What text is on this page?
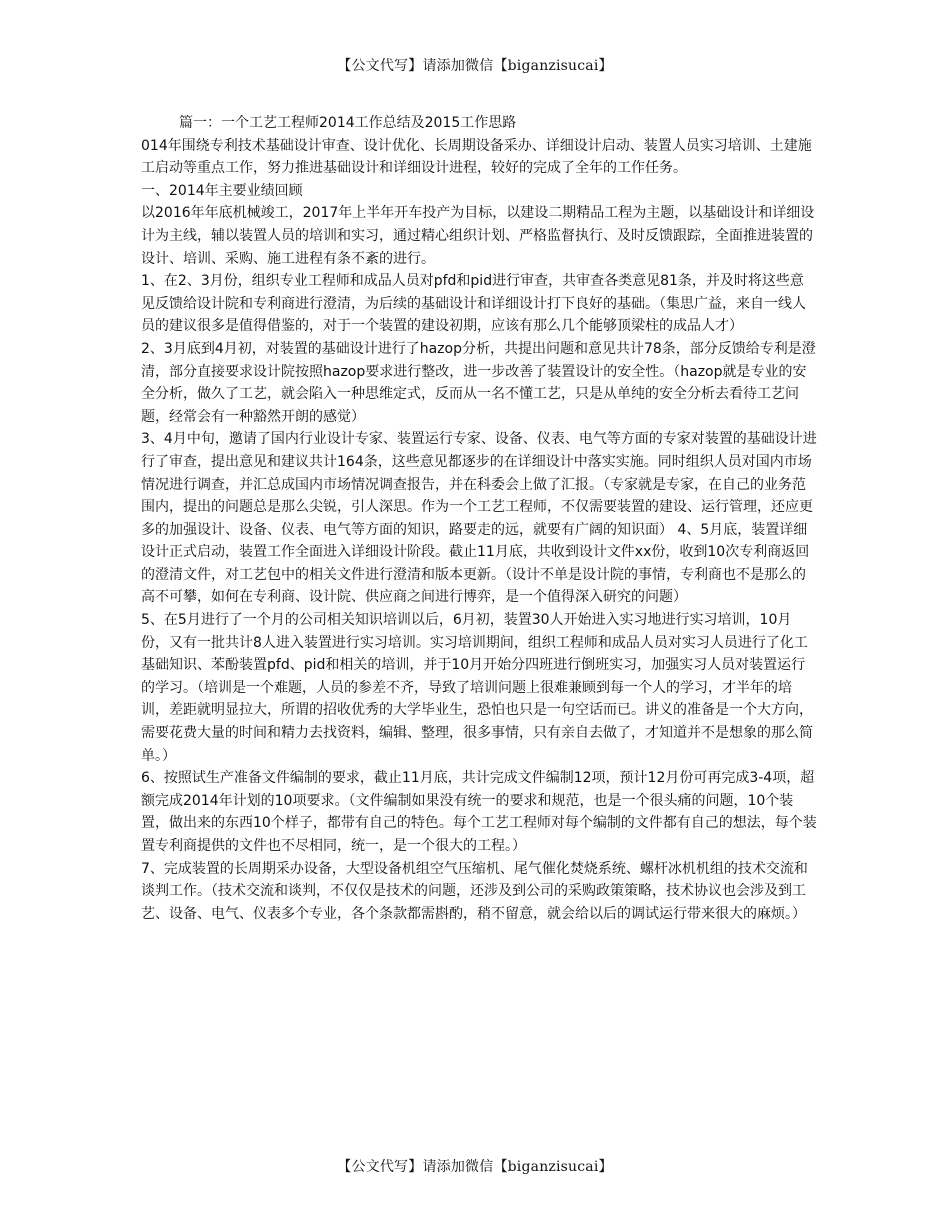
【公文代写】请添加微信【biganzisucai】

篇一：一个工艺工程师2014工作总结及2015工作思路

014年围绕专利技术基础设计审查、设计优化、长周期设备采办、详细设计启动、装置人员实习培训、土建施工启动等重点工作，努力推进基础设计和详细设计进程，较好的完成了全年的工作任务。

一、2014年主要业绩回顾

以2016年年底机械竣工，2017年上半年开车投产为目标，以建设二期精品工程为主题，以基础设计和详细设计为主线，辅以装置人员的培训和实习，通过精心组织计划、严格监督执行、及时反馈跟踪，全面推进装置的设计、培训、采购、施工进程有条不紊的进行。

1、在2、3月份，组织专业工程师和成品人员对pfd和pid进行审查，共审查各类意见81条，并及时将这些意见反馈给设计院和专利商进行澄清，为后续的基础设计和详细设计打下良好的基础。（集思广益，来自一线人员的建议很多是值得借鉴的，对于一个装置的建设初期，应该有那么几个能够顶梁柱的成品人才）

2、3月底到4月初，对装置的基础设计进行了hazop分析，共提出问题和意见共计78条，部分反馈给专利是澄清，部分直接要求设计院按照hazop要求进行整改，进一步改善了装置设计的安全性。（hazop就是专业的安全分析，做久了工艺，就会陷入一种思维定式，反而从一名不懂工艺，只是从单纯的安全分析去看待工艺问题，经常会有一种豁然开朗的感觉）

3、4月中旬，邀请了国内行业设计专家、装置运行专家、设备、仪表、电气等方面的专家对装置的基础设计进行了审查，提出意见和建议共计164条，这些意见都逐步的在详细设计中落实实施。同时组织人员对国内市场情况进行调查，并汇总成国内市场情况调查报告，并在科委会上做了汇报。（专家就是专家，在自己的业务范围内，提出的问题总是那么尖锐，引人深思。作为一个工艺工程师，不仅需要装置的建设、运行管理，还应更多的加强设计、设备、仪表、电气等方面的知识，路要走的远，就要有广阔的知识面） 4、5月底，装置详细设计正式启动，装置工作全面进入详细设计阶段。截止11月底，共收到设计文件xx份，收到10次专利商返回的澄清文件，对工艺包中的相关文件进行澄清和版本更新。（设计不单是设计院的事情，专利商也不是那么的高不可攀，如何在专利商、设计院、供应商之间进行博弈，是一个值得深入研究的问题）

5、在5月进行了一个月的公司相关知识培训以后，6月初，装置30人开始进入实习地进行实习培训，10月份，又有一批共计8人进入装置进行实习培训。实习培训期间，组织工程师和成品人员对实习人员进行了化工基础知识、苯酚装置pfd、pid和相关的培训，并于10月开始分四班进行倒班实习，加强实习人员对装置运行的学习。（培训是一个难题，人员的参差不齐，导致了培训问题上很难兼顾到每一个人的学习，才半年的培训，差距就明显拉大，所谓的招收优秀的大学毕业生，恐怕也只是一句空话而已。讲义的准备是一个大方向，需要花费大量的时间和精力去找资料，编辑、整理，很多事情，只有亲自去做了，才知道并不是想象的那么简单。）

6、按照试生产准备文件编制的要求，截止11月底，共计完成文件编制12项，预计12月份可再完成3-4项，超额完成2014年计划的10项要求。（文件编制如果没有统一的要求和规范，也是一个很头痛的问题，10个装置，做出来的东西10个样子，都带有自己的特色。每个工艺工程师对每个编制的文件都有自己的想法，每个装置专利商提供的文件也不尽相同，统一，是一个很大的工程。）

7、完成装置的长周期采办设备，大型设备机组空气压缩机、尾气催化焚烧系统、螺杆冰机机组的技术交流和谈判工作。（技术交流和谈判，不仅仅是技术的问题，还涉及到公司的采购政策策略，技术协议也会涉及到工艺、设备、电气、仪表多个专业，各个条款都需斟酌，稍不留意，就会给以后的调试运行带来很大的麻烦。）

【公文代写】请添加微信【biganzisucai】
